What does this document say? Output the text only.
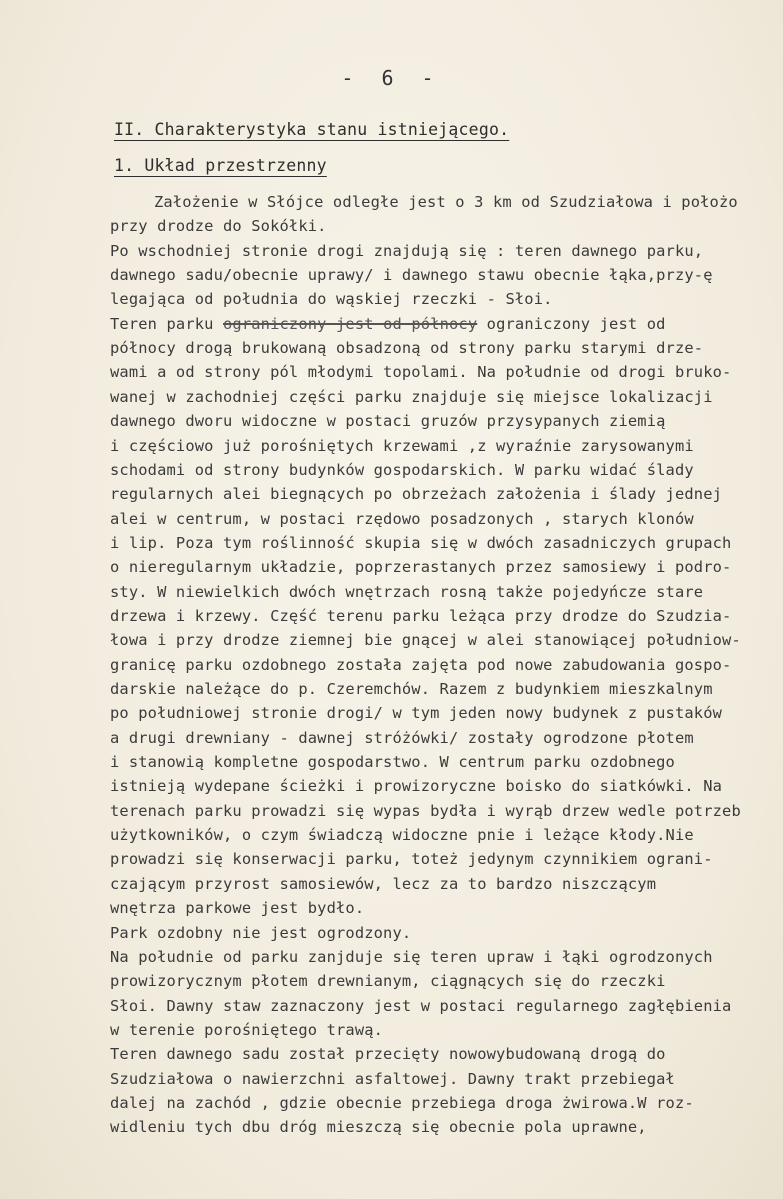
- 6 -
II. Charakterystyka stanu istniejącego.
1. Układ przestrzenny
Założenie w Słójce odległe jest o 3 km od Szudziałowa i położo
przy drodze do Sokółki.
Po wschodniej stronie drogi znajdują się : teren dawnego parku,
dawnego sadu/obecnie uprawy/ i dawnego stawu obecnie łąka,przy-ę
legająca od południa do wąskiej rzeczki - Słoi.
Teren parku ograniczony jest od północy ograniczony jest od
północy drogą brukowaną obsadzoną od strony parku starymi drze-
wami a od strony pól młodymi topolami. Na południe od drogi bruko-
wanej w zachodniej części parku znajduje się miejsce lokalizacji
dawnego dworu widoczne w postaci gruzów przysypanych ziemią
i częściowo już porośniętych krzewami ,z wyraźnie zarysowanymi
schodami od strony budynków gospodarskich. W parku widać ślady
regularnych alei biegnących po obrzeżach założenia i ślady jednej
alei w centrum, w postaci rzędowo posadzonych , starych klonów
i lip. Poza tym roślinność skupia się w dwóch zasadniczych grupach
o nieregularnym układzie, poprzerastanych przez samosiewy i podro-
sty. W niewielkich dwóch wnętrzach rosną także pojedyńcze stare
drzewa i krzewy. Część terenu parku leżąca przy drodze do Szudzia-
łowa i przy drodze ziemnej bie gnącej w alei stanowiącej południow-
granicę parku ozdobnego została zajęta pod nowe zabudowania gospo-
darskie należące do p. Czeremchów. Razem z budynkiem mieszkalnym
po południowej stronie drogi/ w tym jeden nowy budynek z pustaków
a drugi drewniany - dawnej stróżówki/ zostały ogrodzone płotem
i stanowią kompletne gospodarstwo. W centrum parku ozdobnego
istnieją wydepane ścieżki i prowizoryczne boisko do siatkówki. Na
terenach parku prowadzi się wypas bydła i wyrąb drzew wedle potrzeb
użytkowników, o czym świadczą widoczne pnie i leżące kłody.Nie
prowadzi się konserwacji parku, toteż jedynym czynnikiem ograni-
czającym przyrost samosiewów, lecz za to bardzo niszczącym
wnętrza parkowe jest bydło.
Park ozdobny nie jest ogrodzony.
Na południe od parku zanjduje się teren upraw i łąki ogrodzonych
prowizorycznym płotem drewnianym, ciągnących się do rzeczki
Słoi. Dawny staw zaznaczony jest w postaci regularnego zagłębienia
w terenie porośniętego trawą.
Teren dawnego sadu został przecięty nowowybudowaną drogą do
Szudziałowa o nawierzchni asfaltowej. Dawny trakt przebiegał
dalej na zachód , gdzie obecnie przebiega droga żwirowa.W roz-
widleniu tych dbu dróg mieszczą się obecnie pola uprawne,
